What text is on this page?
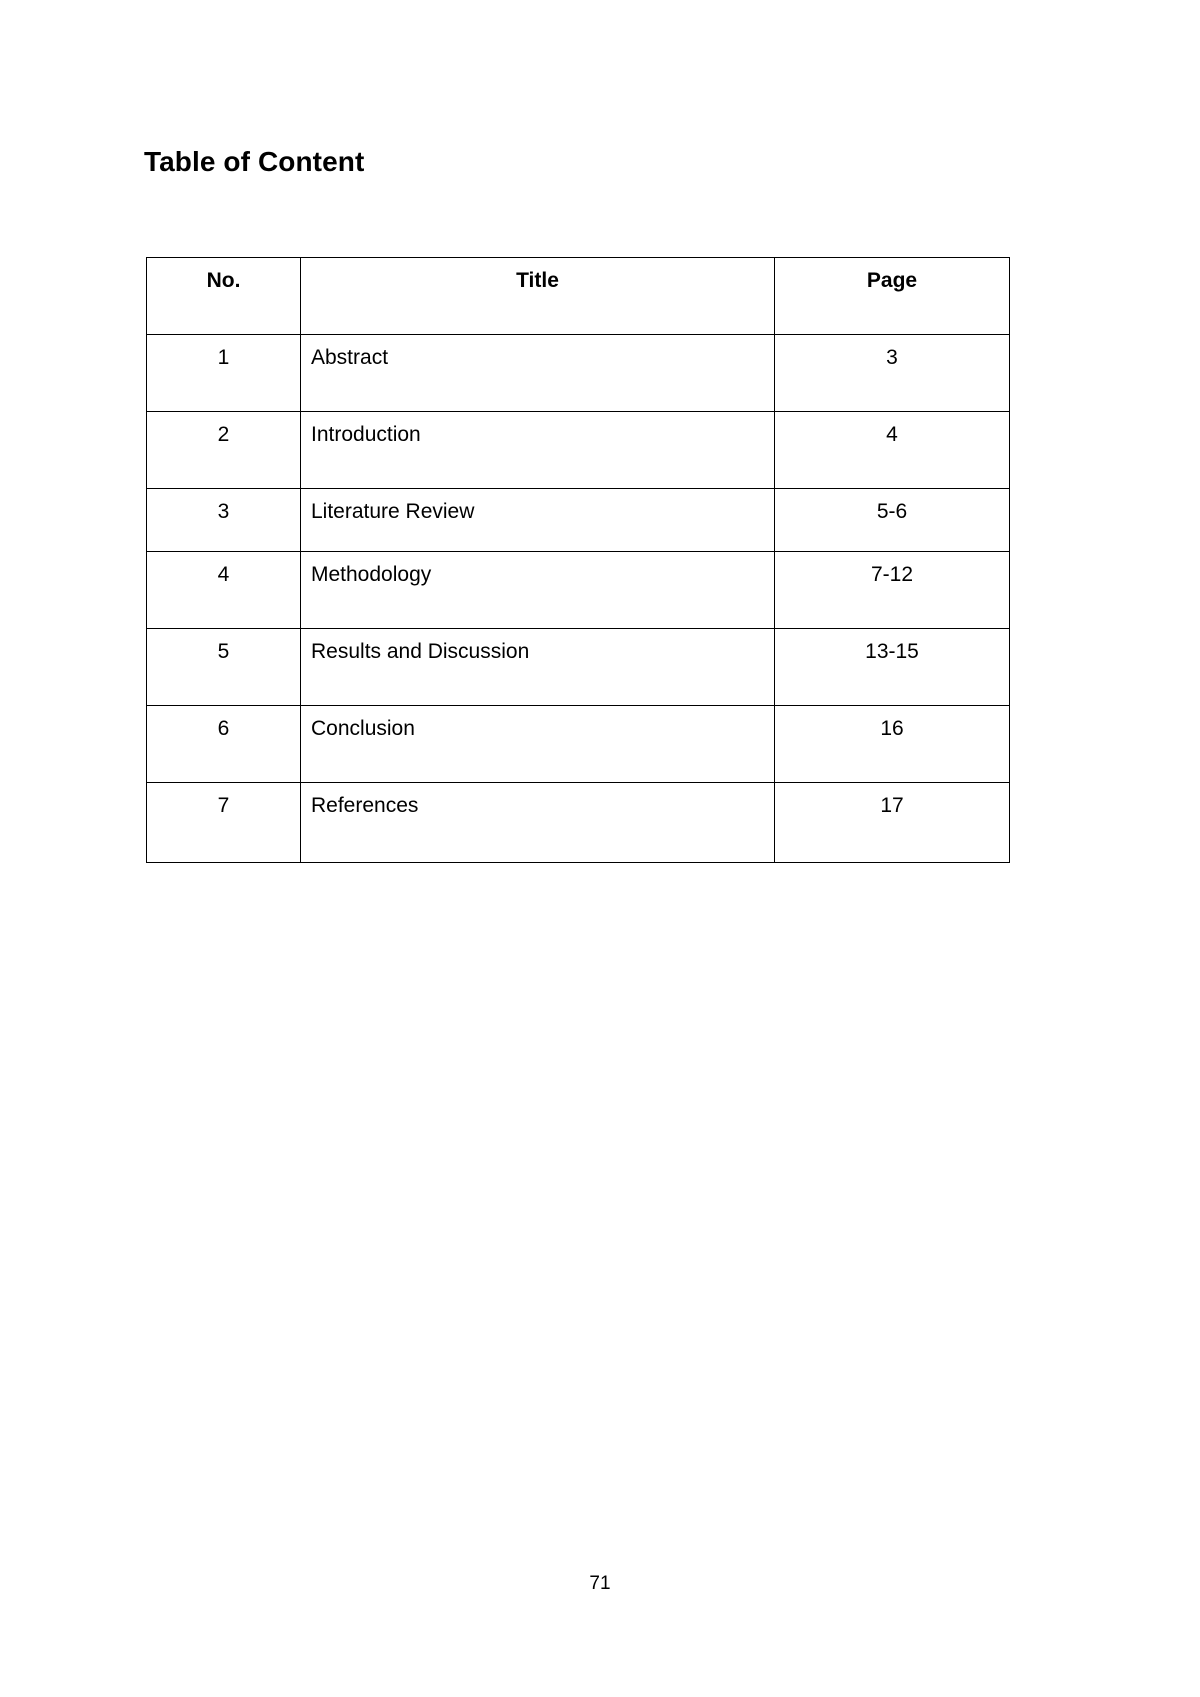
Table of Content
No.	Title	Page
1	Abstract	3
2	Introduction	4
3	Literature Review	5-6
4	Methodology	7-12
5	Results and Discussion	13-15
6	Conclusion	16
7	References	17
71
